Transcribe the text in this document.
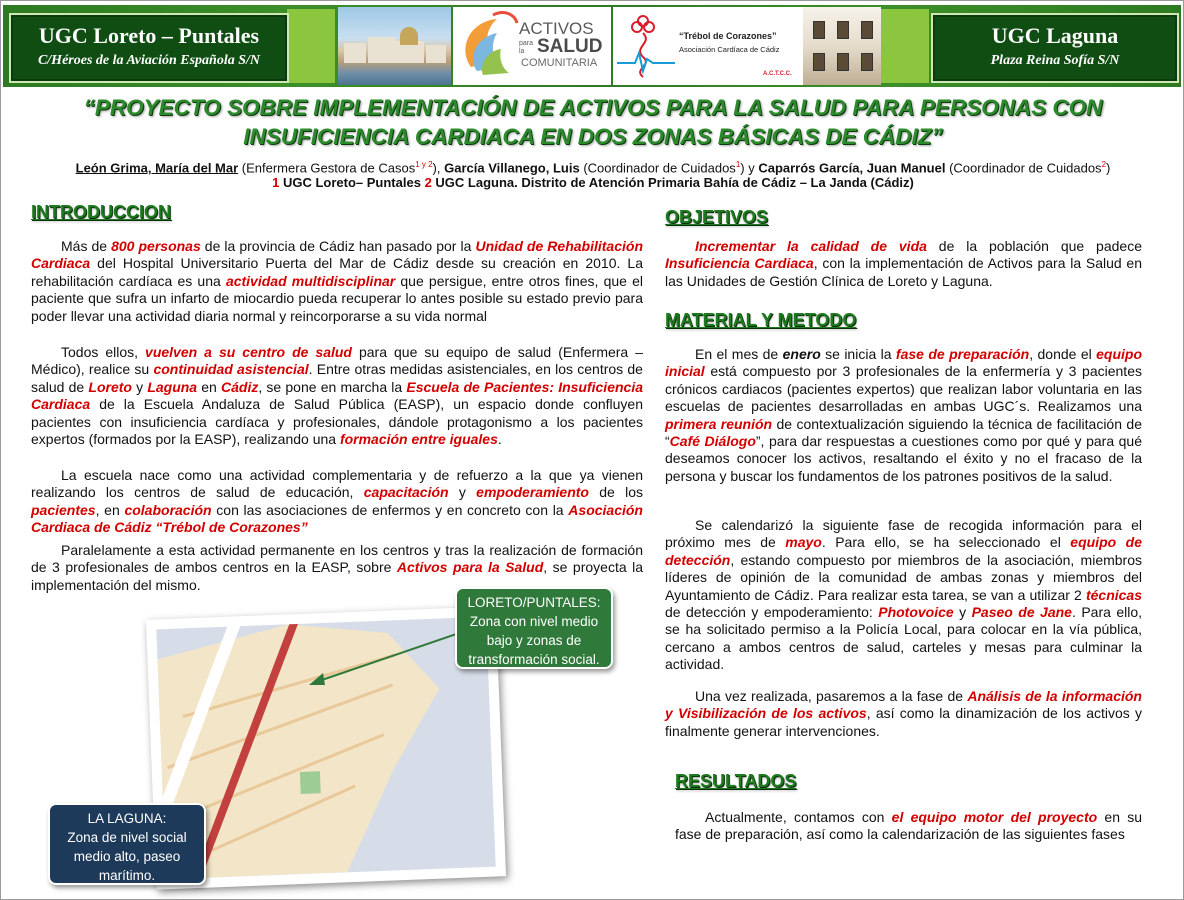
UGC Loreto – Puntales
C/Héroes de la Aviación Española S/N
ACTIVOS
para la SALUD
COMUNITARIA
“Trébol de Corazones”
Asociación Cardíaca de Cádiz
A.C.T.C.C.
UGC Laguna
Plaza Reina Sofía S/N
“PROYECTO SOBRE IMPLEMENTACIÓN DE ACTIVOS PARA LA SALUD PARA PERSONAS CON
INSUFICIENCIA CARDIACA EN DOS ZONAS BÁSICAS DE CÁDIZ”
León Grima, María del Mar (Enfermera Gestora de Casos$^{1 y 2}$), García Villanego, Luis (Coordinador de Cuidados$^1$) y Caparrós García, Juan Manuel (Coordinador de Cuidados$^2$)
1 UGC Loreto– Puntales 2 UGC Laguna. Distrito de Atención Primaria Bahía de Cádiz – La Janda (Cádiz)
INTRODUCCION
Más de 800 personas de la provincia de Cádiz han pasado por la Unidad de Rehabilitación Cardiaca del Hospital Universitario Puerta del Mar de Cádiz desde su creación en 2010. La rehabilitación cardíaca es una actividad multidisciplinar que persigue, entre otros fines, que el paciente que sufra un infarto de miocardio pueda recuperar lo antes posible su estado previo para poder llevar una actividad diaria normal y reincorporarse a su vida normal
Todos ellos, vuelven a su centro de salud para que su equipo de salud (Enfermera – Médico), realice su continuidad asistencial. Entre otras medidas asistenciales, en los centros de salud de Loreto y Laguna en Cádiz, se pone en marcha la Escuela de Pacientes: Insuficiencia Cardiaca de la Escuela Andaluza de Salud Pública (EASP), un espacio donde confluyen pacientes con insuficiencia cardíaca y profesionales, dándole protagonismo a los pacientes expertos (formados por la EASP), realizando una formación entre iguales.
La escuela nace como una actividad complementaria y de refuerzo a la que ya vienen realizando los centros de salud de educación, capacitación y empoderamiento de los pacientes, en colaboración con las asociaciones de enfermos y en concreto con la Asociación Cardiaca de Cádiz “Trébol de Corazones”
Paralelamente a esta actividad permanente en los centros y tras la realización de formación de 3 profesionales de ambos centros en la EASP, sobre Activos para la Salud, se proyecta la implementación del mismo.
LORETO/PUNTALES:
Zona con nivel medio
bajo y zonas de
transformación social.
LA LAGUNA:
Zona de nivel social
medio alto, paseo
marítimo.
OBJETIVOS
Incrementar la calidad de vida de la población que padece Insuficiencia Cardiaca, con la implementación de Activos para la Salud en las Unidades de Gestión Clínica de Loreto y Laguna.
MATERIAL Y METODO
En el mes de enero se inicia la fase de preparación, donde el equipo inicial está compuesto por 3 profesionales de la enfermería y 3 pacientes crónicos cardiacos (pacientes expertos) que realizan labor voluntaria en las escuelas de pacientes desarrolladas en ambas UGC´s. Realizamos una primera reunión de contextualización siguiendo la técnica de facilitación de “Café Diálogo”, para dar respuestas a cuestiones como por qué y para qué deseamos conocer los activos, resaltando el éxito y no el fracaso de la persona y buscar los fundamentos de los patrones positivos de la salud.
Se calendarizó la siguiente fase de recogida información para el próximo mes de mayo. Para ello, se ha seleccionado el equipo de detección, estando compuesto por miembros de la asociación, miembros líderes de opinión de la comunidad de ambas zonas y miembros del Ayuntamiento de Cádiz. Para realizar esta tarea, se van a utilizar 2 técnicas de detección y empoderamiento: Photovoice y Paseo de Jane. Para ello, se ha solicitado permiso a la Policía Local, para colocar en la vía pública, cercano a ambos centros de salud, carteles y mesas para culminar la actividad.
Una vez realizada, pasaremos a la fase de Análisis de la información y Visibilización de los activos, así como la dinamización de los activos y finalmente generar intervenciones.
RESULTADOS
Actualmente, contamos con el equipo motor del proyecto en su fase de preparación, así como la calendarización de las siguientes fases
